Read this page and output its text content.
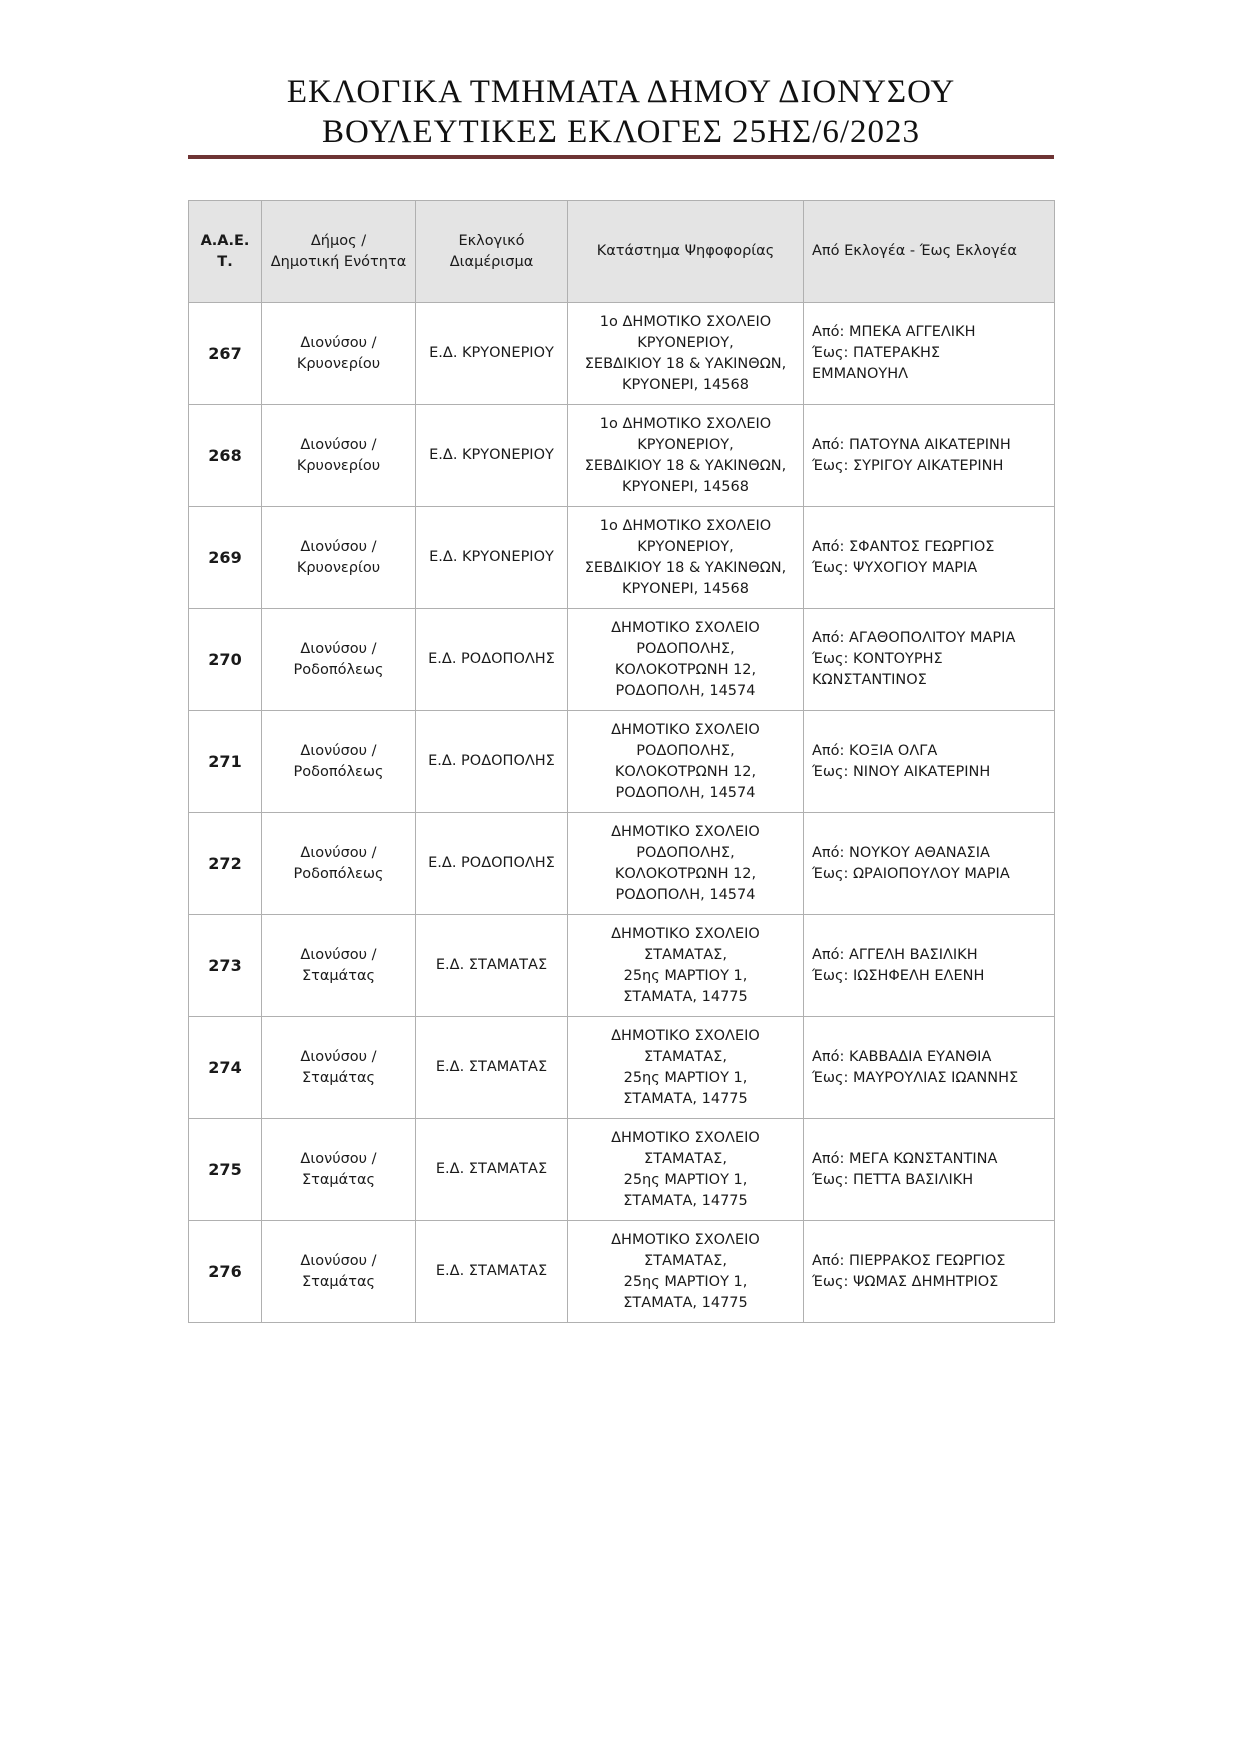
ΕΚΛΟΓΙΚΑ ΤΜΗΜΑΤΑ ΔΗΜΟΥ ΔΙΟΝΥΣΟΥ
ΒΟΥΛΕΥΤΙΚΕΣ ΕΚΛΟΓΕΣ 25ΗΣ/6/2023
Α.Α.Ε.
Τ.	Δήμος /
Δημοτική Ενότητα	Εκλογικό
Διαμέρισμα	Κατάστημα Ψηφοφορίας	Από Εκλογέα - Έως Εκλογέα

267	Διονύσου /
Κρυονερίου	Ε.Δ. ΚΡΥΟΝΕΡΙΟΥ	1ο ΔΗΜΟΤΙΚΟ ΣΧΟΛΕΙΟ
ΚΡΥΟΝΕΡΙΟΥ,
ΣΕΒΔΙΚΙΟΥ 18 & ΥΑΚΙΝΘΩΝ,
ΚΡΥΟΝΕΡΙ, 14568	Από: ΜΠΕΚΑ ΑΓΓΕΛΙΚΗ
Έως: ΠΑΤΕΡΑΚΗΣ
ΕΜΜΑΝΟΥΗΛ

268	Διονύσου /
Κρυονερίου	Ε.Δ. ΚΡΥΟΝΕΡΙΟΥ	1ο ΔΗΜΟΤΙΚΟ ΣΧΟΛΕΙΟ
ΚΡΥΟΝΕΡΙΟΥ,
ΣΕΒΔΙΚΙΟΥ 18 & ΥΑΚΙΝΘΩΝ,
ΚΡΥΟΝΕΡΙ, 14568	Από: ΠΑΤΟΥΝΑ ΑΙΚΑΤΕΡΙΝΗ
Έως: ΣΥΡΙΓΟΥ ΑΙΚΑΤΕΡΙΝΗ

269	Διονύσου /
Κρυονερίου	Ε.Δ. ΚΡΥΟΝΕΡΙΟΥ	1ο ΔΗΜΟΤΙΚΟ ΣΧΟΛΕΙΟ
ΚΡΥΟΝΕΡΙΟΥ,
ΣΕΒΔΙΚΙΟΥ 18 & ΥΑΚΙΝΘΩΝ,
ΚΡΥΟΝΕΡΙ, 14568	Από: ΣΦΑΝΤΟΣ ΓΕΩΡΓΙΟΣ
Έως: ΨΥΧΟΓΙΟΥ ΜΑΡΙΑ

270	Διονύσου /
Ροδοπόλεως	Ε.Δ. ΡΟΔΟΠΟΛΗΣ	ΔΗΜΟΤΙΚΟ ΣΧΟΛΕΙΟ
ΡΟΔΟΠΟΛΗΣ,
ΚΟΛΟΚΟΤΡΩΝΗ 12,
ΡΟΔΟΠΟΛΗ, 14574	Από: ΑΓΑΘΟΠΟΛΙΤΟΥ ΜΑΡΙΑ
Έως: ΚΟΝΤΟΥΡΗΣ
ΚΩΝΣΤΑΝΤΙΝΟΣ

271	Διονύσου /
Ροδοπόλεως	Ε.Δ. ΡΟΔΟΠΟΛΗΣ	ΔΗΜΟΤΙΚΟ ΣΧΟΛΕΙΟ
ΡΟΔΟΠΟΛΗΣ,
ΚΟΛΟΚΟΤΡΩΝΗ 12,
ΡΟΔΟΠΟΛΗ, 14574	Από: ΚΟΞΙΑ ΟΛΓΑ
Έως: ΝΙΝΟΥ ΑΙΚΑΤΕΡΙΝΗ

272	Διονύσου /
Ροδοπόλεως	Ε.Δ. ΡΟΔΟΠΟΛΗΣ	ΔΗΜΟΤΙΚΟ ΣΧΟΛΕΙΟ
ΡΟΔΟΠΟΛΗΣ,
ΚΟΛΟΚΟΤΡΩΝΗ 12,
ΡΟΔΟΠΟΛΗ, 14574	Από: ΝΟΥΚΟΥ ΑΘΑΝΑΣΙΑ
Έως: ΩΡΑΙΟΠΟΥΛΟΥ ΜΑΡΙΑ

273	Διονύσου /
Σταμάτας	Ε.Δ. ΣΤΑΜΑΤΑΣ	ΔΗΜΟΤΙΚΟ ΣΧΟΛΕΙΟ
ΣΤΑΜΑΤΑΣ,
25ης ΜΑΡΤΙΟΥ 1,
ΣΤΑΜΑΤΑ, 14775	Από: ΑΓΓΕΛΗ ΒΑΣΙΛΙΚΗ
Έως: ΙΩΣΗΦΕΛΗ ΕΛΕΝΗ

274	Διονύσου /
Σταμάτας	Ε.Δ. ΣΤΑΜΑΤΑΣ	ΔΗΜΟΤΙΚΟ ΣΧΟΛΕΙΟ
ΣΤΑΜΑΤΑΣ,
25ης ΜΑΡΤΙΟΥ 1,
ΣΤΑΜΑΤΑ, 14775	Από: ΚΑΒΒΑΔΙΑ ΕΥΑΝΘΙΑ
Έως: ΜΑΥΡΟΥΛΙΑΣ ΙΩΑΝΝΗΣ

275	Διονύσου /
Σταμάτας	Ε.Δ. ΣΤΑΜΑΤΑΣ	ΔΗΜΟΤΙΚΟ ΣΧΟΛΕΙΟ
ΣΤΑΜΑΤΑΣ,
25ης ΜΑΡΤΙΟΥ 1,
ΣΤΑΜΑΤΑ, 14775	Από: ΜΕΓΑ ΚΩΝΣΤΑΝΤΙΝΑ
Έως: ΠΕΤΤΑ ΒΑΣΙΛΙΚΗ

276	Διονύσου /
Σταμάτας	Ε.Δ. ΣΤΑΜΑΤΑΣ	ΔΗΜΟΤΙΚΟ ΣΧΟΛΕΙΟ
ΣΤΑΜΑΤΑΣ,
25ης ΜΑΡΤΙΟΥ 1,
ΣΤΑΜΑΤΑ, 14775	Από: ΠΙΕΡΡΑΚΟΣ ΓΕΩΡΓΙΟΣ
Έως: ΨΩΜΑΣ ΔΗΜΗΤΡΙΟΣ
